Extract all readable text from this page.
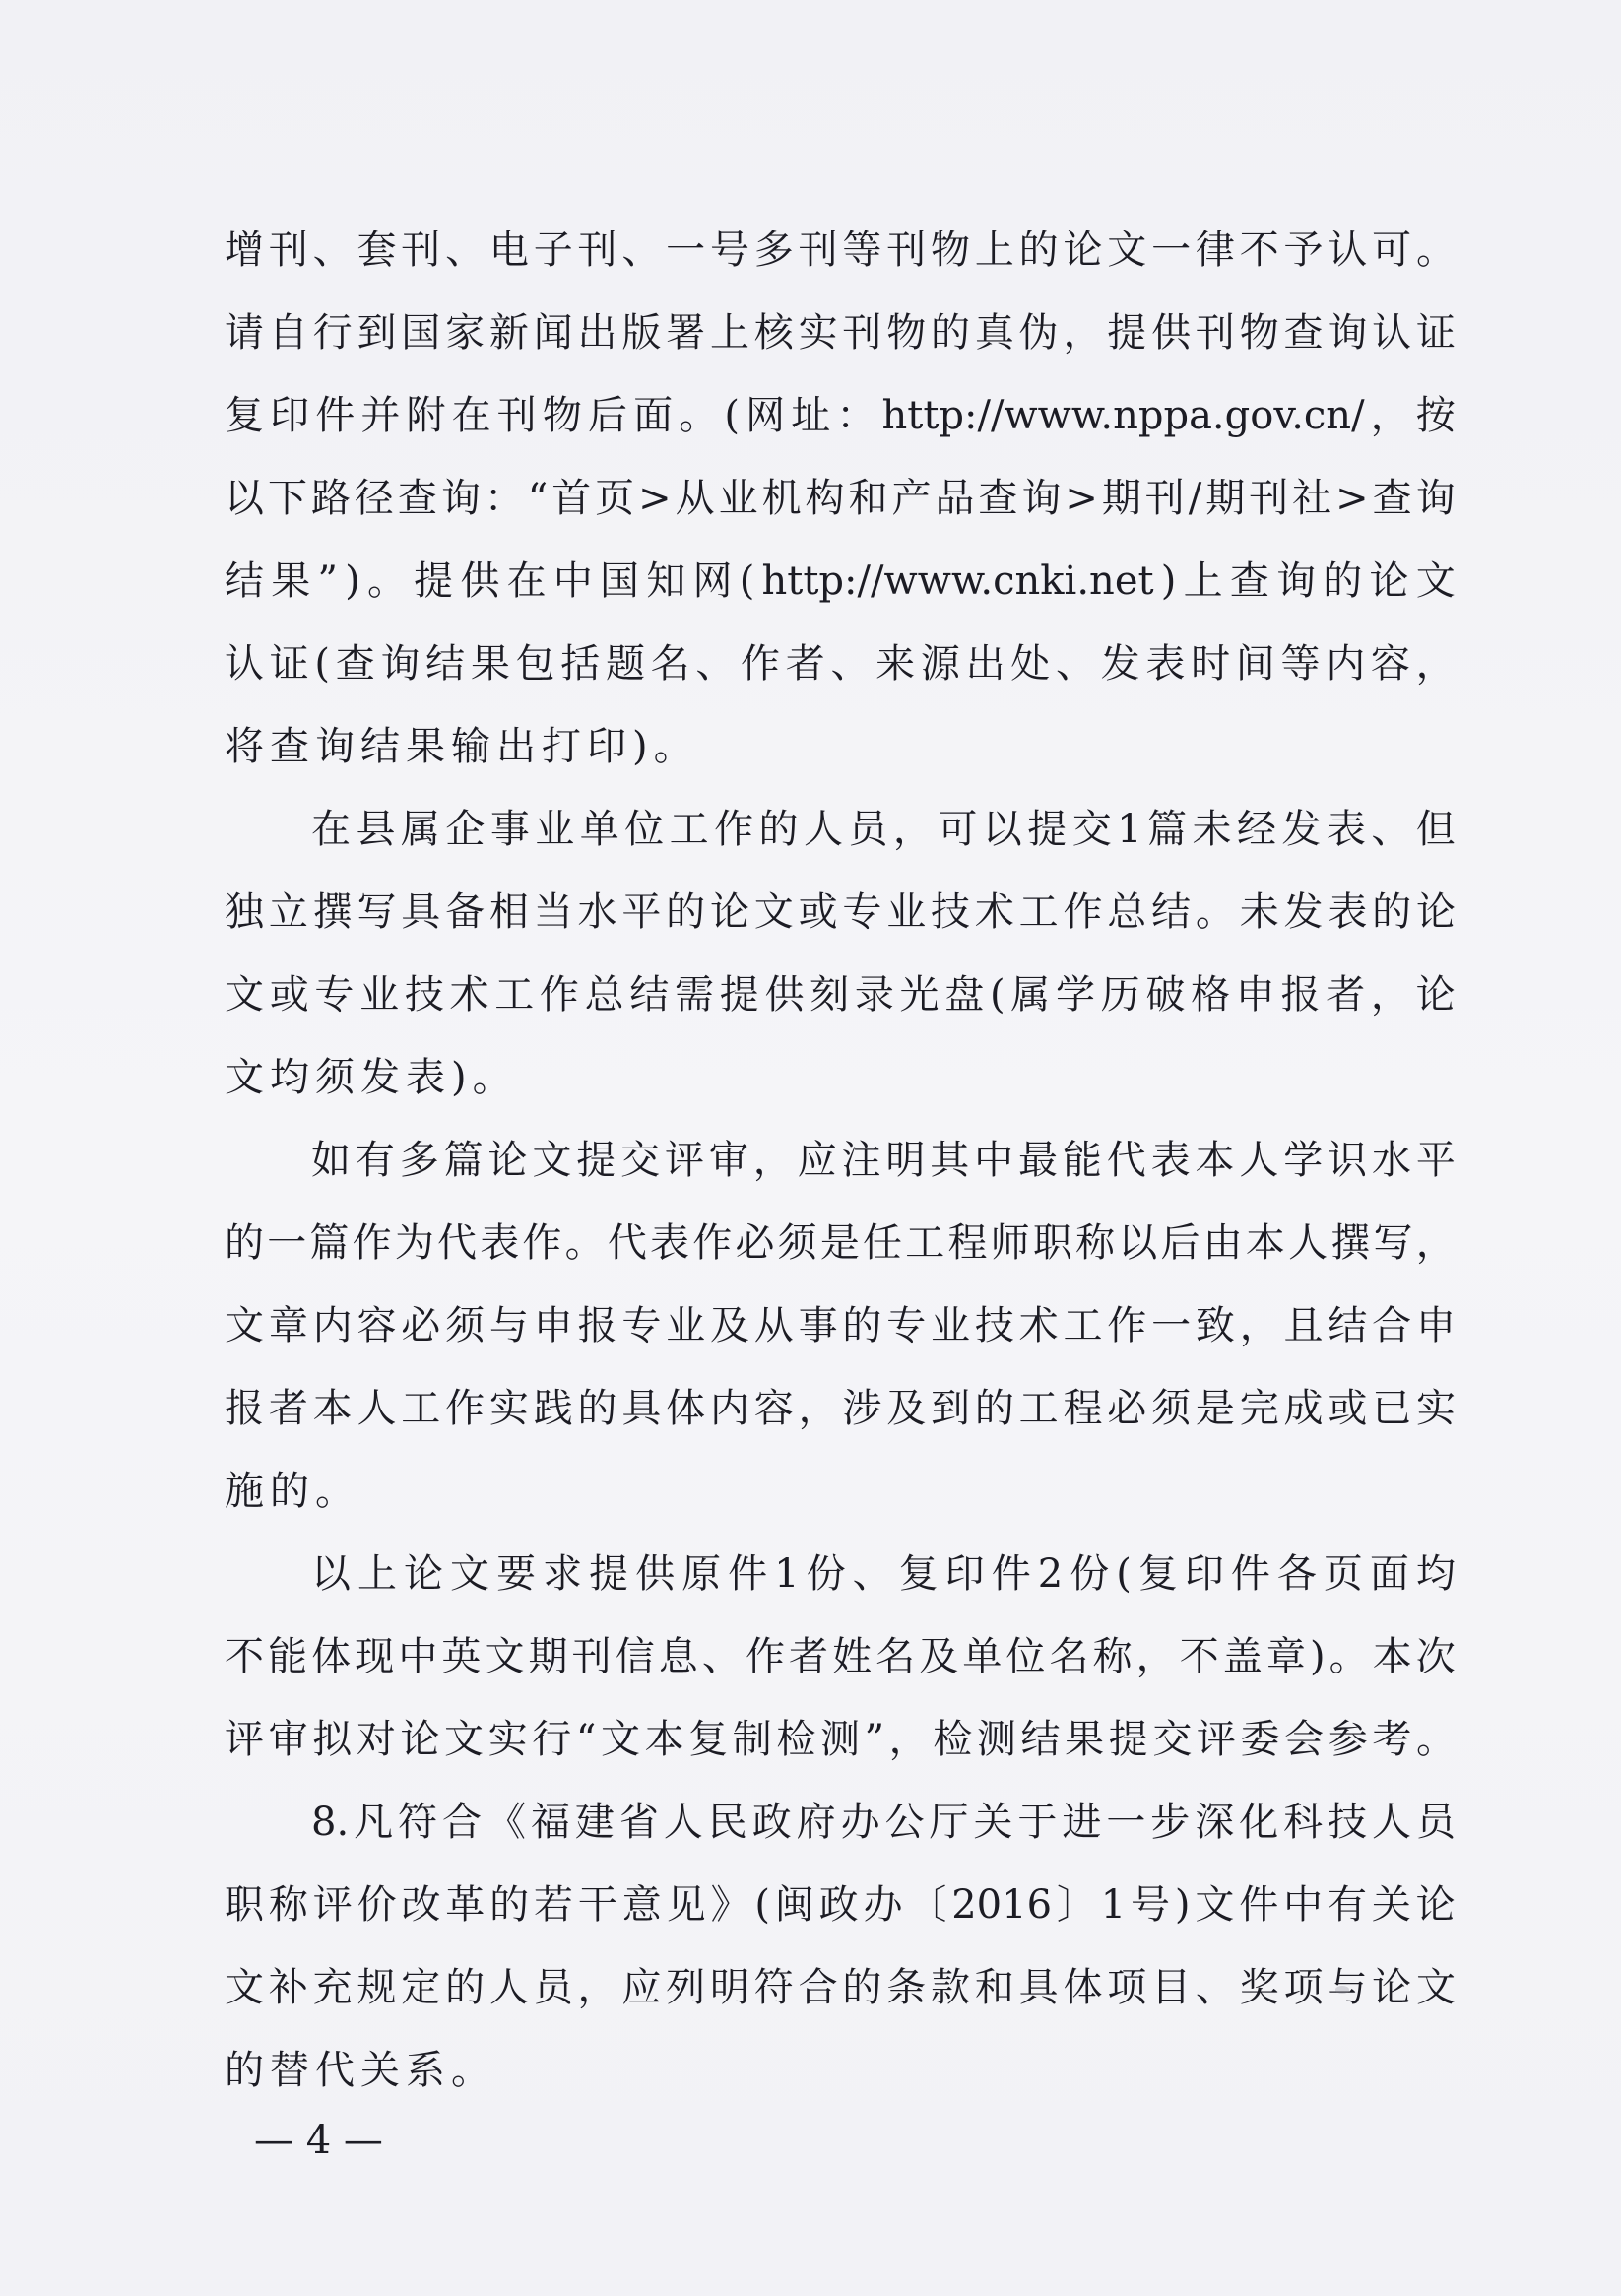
增 刊 、 套 刊 、 电 子 刊 、 一 号 多 刊 等 刊 物 上 的 论 文 一 律 不 予 认 可 。
请 自 行 到 国 家 新 闻 出 版 署 上 核 实 刊 物 的 真 伪 ， 提 供 刊 物 查 询 认 证
复 印 件 并 附 在 刊 物 后 面 。 ( 网 址 ： http://www.nppa.gov.cn/ ， 按
以 下 路 径 查 询 ： “ 首 页 > 从 业 机 构 和 产 品 查 询 > 期 刊 / 期 刊 社 > 查 询
结 果 ” ) 。 提 供 在 中 国 知 网 ( http://www.cnki.net ) 上 查 询 的 论 文
认 证 ( 查 询 结 果 包 括 题 名 、 作 者 、 来 源 出 处 、 发 表 时 间 等 内 容 ，
将 查 询 结 果 输 出 打 印 ) 。
在 县 属 企 事 业 单 位 工 作 的 人 员 ， 可 以 提 交 1 篇 未 经 发 表 、 但
独 立 撰 写 具 备 相 当 水 平 的 论 文 或 专 业 技 术 工 作 总 结 。 未 发 表 的 论
文 或 专 业 技 术 工 作 总 结 需 提 供 刻 录 光 盘 ( 属 学 历 破 格 申 报 者 ， 论
文 均 须 发 表 ) 。
如 有 多 篇 论 文 提 交 评 审 ， 应 注 明 其 中 最 能 代 表 本 人 学 识 水 平
的 一 篇 作 为 代 表 作 。 代 表 作 必 须 是 任 工 程 师 职 称 以 后 由 本 人 撰 写 ，
文 章 内 容 必 须 与 申 报 专 业 及 从 事 的 专 业 技 术 工 作 一 致 ， 且 结 合 申
报 者 本 人 工 作 实 践 的 具 体 内 容 ， 涉 及 到 的 工 程 必 须 是 完 成 或 已 实
施 的 。
以 上 论 文 要 求 提 供 原 件 1 份 、 复 印 件 2 份 ( 复 印 件 各 页 面 均
不 能 体 现 中 英 文 期 刊 信 息 、 作 者 姓 名 及 单 位 名 称 ， 不 盖 章 ) 。 本 次
评 审 拟 对 论 文 实 行 “ 文 本 复 制 检 测 ” ， 检 测 结 果 提 交 评 委 会 参 考 。
8. 凡 符 合 《 福 建 省 人 民 政 府 办 公 厅 关 于 进 一 步 深 化 科 技 人 员
职 称 评 价 改 革 的 若 干 意 见 》 ( 闽 政 办 〔 2016 〕 1 号 ) 文 件 中 有 关 论
文 补 充 规 定 的 人 员 ， 应 列 明 符 合 的 条 款 和 具 体 项 目 、 奖 项 与 论 文
的 替 代 关 系 。
— 4 —
